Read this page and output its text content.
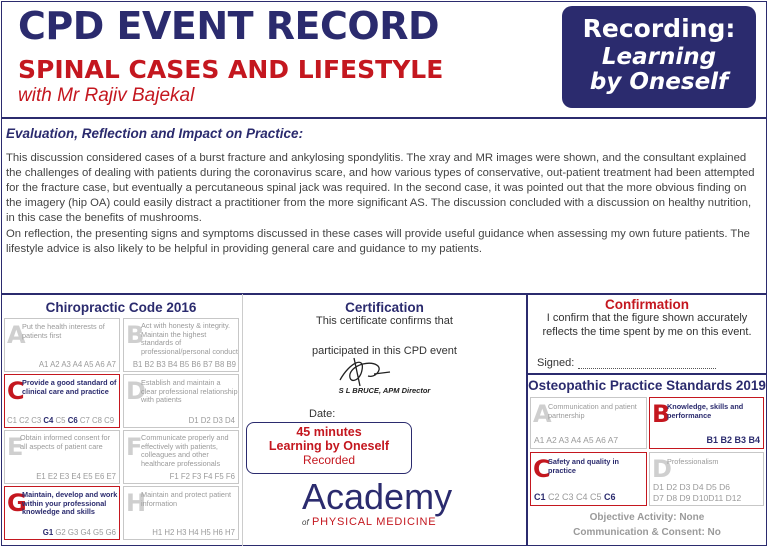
CPD EVENT RECORD
SPINAL CASES AND LIFESTYLE
with Mr Rajiv Bajekal
Recording:
Learning
by Oneself
Evaluation, Reflection and Impact on Practice:
This discussion considered cases of a burst fracture and ankylosing spondylitis. The xray and MR images were shown, and the consultant explained the challenges of dealing with patients during the coronavirus scare, and how various types of conservative, out-patient treatment had been attempted for the fracture case, but eventually a percutaneous spinal jack was required. In the second case, it was pointed out that the more obvious finding on the imagery (hip OA) could easily distract a practitioner from the more significant AS. The discussion concluded with a discussion on healthy nutrition, in this case the benefits of mushrooms.
On reflection, the presenting signs and symptoms discussed in these cases will provide useful guidance when assessing my own future patients. The lifestyle advice is also likely to be helpful in providing general care and guidance to my patients.
Chiropractic Code 2016
A
Put the health interests of patients first
A1 A2 A3 A4 A5 A6 A7
B
Act with honesty & integrity. Maintain the highest standards of professional/personal conduct
B1 B2 B3 B4 B5 B6 B7 B8 B9
C
Provide a good standard of clinical care and practice
C1 C2 C3 C4 C5 C6 C7 C8 C9
D
Establish and maintain a clear professional relationship with patients
D1 D2 D3 D4
E
Obtain informed consent for all aspects of patient care
E1 E2 E3 E4 E5 E6 E7
F
Communicate properly and effectively with patients, colleagues and other healthcare professionals
F1 F2 F3 F4 F5 F6
G
Maintain, develop and work within your professional knowledge and skills
G1 G2 G3 G4 G5 G6
H
Maintain and protect patient information
H1 H2 H3 H4 H5 H6 H7
Certification
This certificate confirms that
participated in this CPD event
S L BRUCE, APM Director
Date:
45 minutes
Learning by Oneself
Recorded
Academy
of PHYSICAL MEDICINE
Confirmation
I confirm that the figure shown accurately reflects the time spent by me on this event.
Signed:
Osteopathic Practice Standards 2019
A
Communication and patient partnership
A1 A2 A3 A4 A5 A6 A7
B
Knowledge, skills and performance
B1 B2 B3 B4
C
Safety and quality in practice
C1 C2 C3 C4 C5 C6
D
Professionalism
D1 D2 D3 D4 D5 D6
D7 D8 D9 D10D11 D12
Objective Activity: None
Communication & Consent: No
